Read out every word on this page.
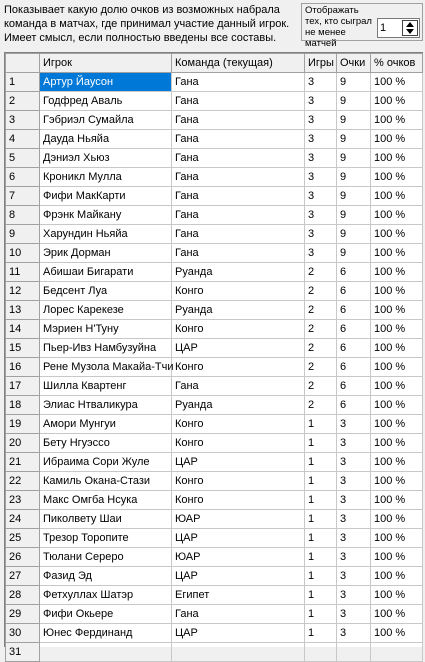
Показывает какую долю очков из возможных набрала команда в матчах, где принимал участие данный игрок. Имеет смысл, если полностью введены все составы.
Отображать тех, кто сыграл не менее матчей
1
	Игрок	Команда (текущая)	Игры	Очки	% очков
1	Артур Йаусон	Гана	3	9	100 %
2	Годфред Аваль	Гана	3	9	100 %
3	Гэбриэл Сумайла	Гана	3	9	100 %
4	Дауда Ньяйа	Гана	3	9	100 %
5	Дэниэл Хьюз	Гана	3	9	100 %
6	Кроникл Мулла	Гана	3	9	100 %
7	Фифи МакКарти	Гана	3	9	100 %
8	Фрэнк Майкану	Гана	3	9	100 %
9	Харундин Ньяйа	Гана	3	9	100 %
10	Эрик Дорман	Гана	3	9	100 %
11	Абишаи Бигарати	Руанда	2	6	100 %
12	Бедсент Луа	Конго	2	6	100 %
13	Лорес Карекезе	Руанда	2	6	100 %
14	Мэриен Н'Туну	Конго	2	6	100 %
15	Пьер-Ивз Намбузуйна	ЦАР	2	6	100 %
16	Рене Музола Макайа-Тчи	Конго	2	6	100 %
17	Шилла Квартенг	Гана	2	6	100 %
18	Элиас Нтваликура	Руанда	2	6	100 %
19	Амори Мунгуи	Конго	1	3	100 %
20	Бету Нгуэссо	Конго	1	3	100 %
21	Ибраима Сори Жуле	ЦАР	1	3	100 %
22	Камиль Окана-Стази	Конго	1	3	100 %
23	Макс Омгба Нсука	Конго	1	3	100 %
24	Пиколвету Шаи	ЮАР	1	3	100 %
25	Трезор Торопите	ЦАР	1	3	100 %
26	Тюлани Сереро	ЮАР	1	3	100 %
27	Фазид Эд	ЦАР	1	3	100 %
28	Фетхуллах Шатэр	Египет	1	3	100 %
29	Фифи Окьере	Гана	1	3	100 %
30	Юнес Фердинанд	ЦАР	1	3	100 %
31					
